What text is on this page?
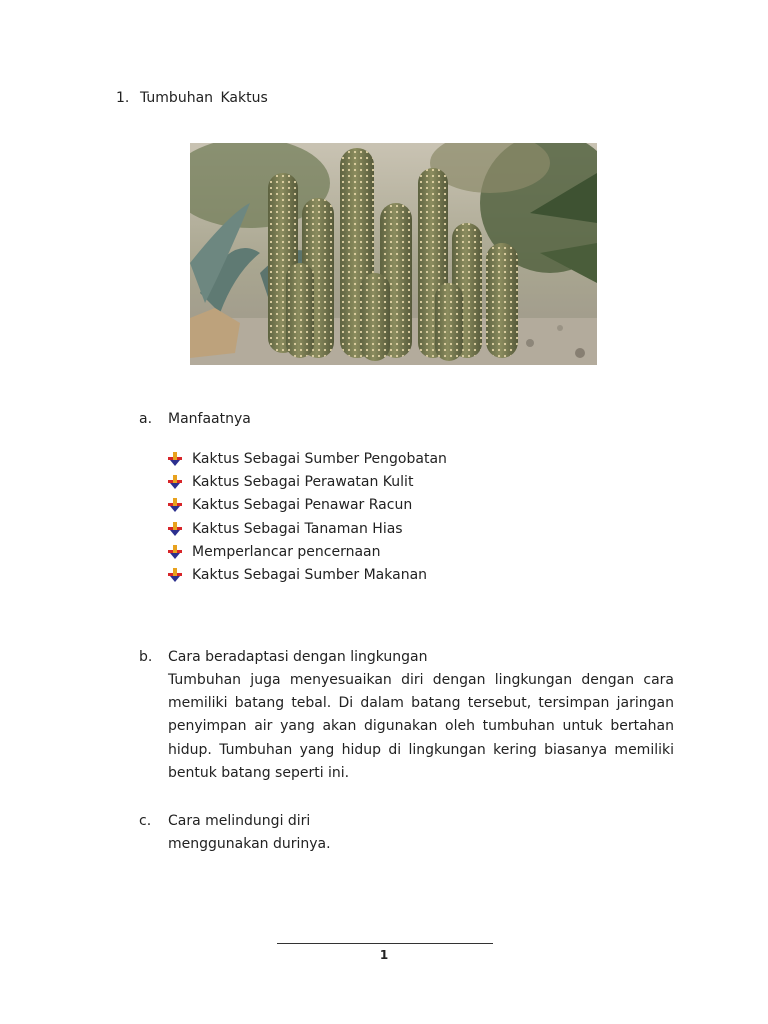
1. Tumbuhan Kaktus
a.	Manfaatnya
Kaktus Sebagai Sumber Pengobatan
Kaktus Sebagai Perawatan Kulit
Kaktus Sebagai Penawar Racun
Kaktus Sebagai Tanaman Hias
Memperlancar pencernaan
Kaktus Sebagai Sumber Makanan
b.	Cara beradaptasi dengan lingkungan
Tumbuhan juga menyesuaikan diri dengan lingkungan dengan cara memiliki batang tebal. Di dalam batang tersebut, tersimpan jaringan penyimpan air yang akan digunakan oleh tumbuhan untuk bertahan hidup. Tumbuhan yang hidup di lingkungan kering biasanya memiliki bentuk batang seperti ini.
c.	Cara melindungi diri
menggunakan durinya.
1
